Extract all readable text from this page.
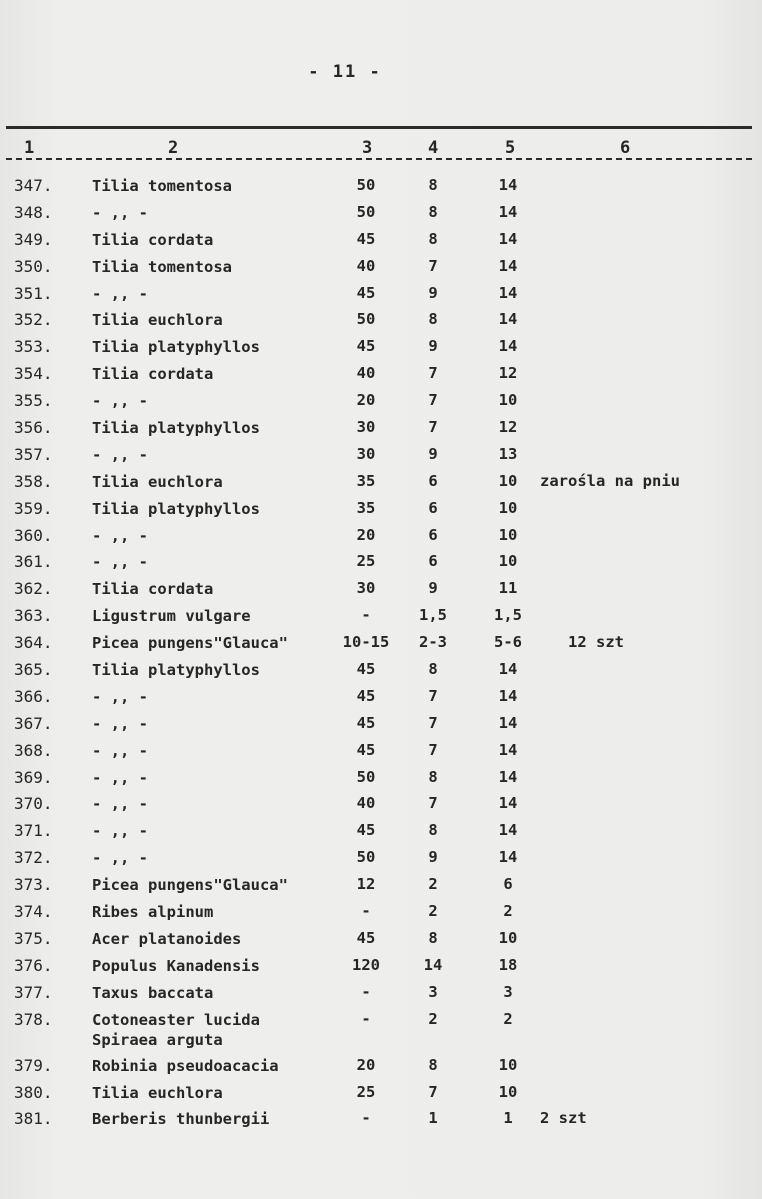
- 11 -
1	2	3	4	5	6
347.	Tilia tomentosa	50	8	14
348.	- ,, -	50	8	14
349.	Tilia cordata	45	8	14
350.	Tilia tomentosa	40	7	14
351.	- ,, -	45	9	14
352.	Tilia euchlora	50	8	14
353.	Tilia platyphyllos	45	9	14
354.	Tilia cordata	40	7	12
355.	- ,, -	20	7	10
356.	Tilia platyphyllos	30	7	12
357.	- ,, -	30	9	13
358.	Tilia euchlora	35	6	10	zarośla na pniu
359.	Tilia platyphyllos	35	6	10
360.	- ,, -	20	6	10
361.	- ,, -	25	6	10
362.	Tilia cordata	30	9	11
363.	Ligustrum vulgare	-	1,5	1,5
364.	Picea pungens"Glauca"	10-15	2-3	5-6	12 szt
365.	Tilia platyphyllos	45	8	14
366.	- ,, -	45	7	14
367.	- ,, -	45	7	14
368.	- ,, -	45	7	14
369.	- ,, -	50	8	14
370.	- ,, -	40	7	14
371.	- ,, -	45	8	14
372.	- ,, -	50	9	14
373.	Picea pungens"Glauca"	12	2	6
374.	Ribes alpinum	-	2	2
375.	Acer platanoides	45	8	10
376.	Populus Kanadensis	120	14	18
377.	Taxus baccata	-	3	3
378.	Cotoneaster lucida
Spiraea arguta
-	2	2
379.	Robinia pseudoacacia	20	8	10
380.	Tilia euchlora	25	7	10
381.	Berberis thunbergii	-	1	1	2 szt
